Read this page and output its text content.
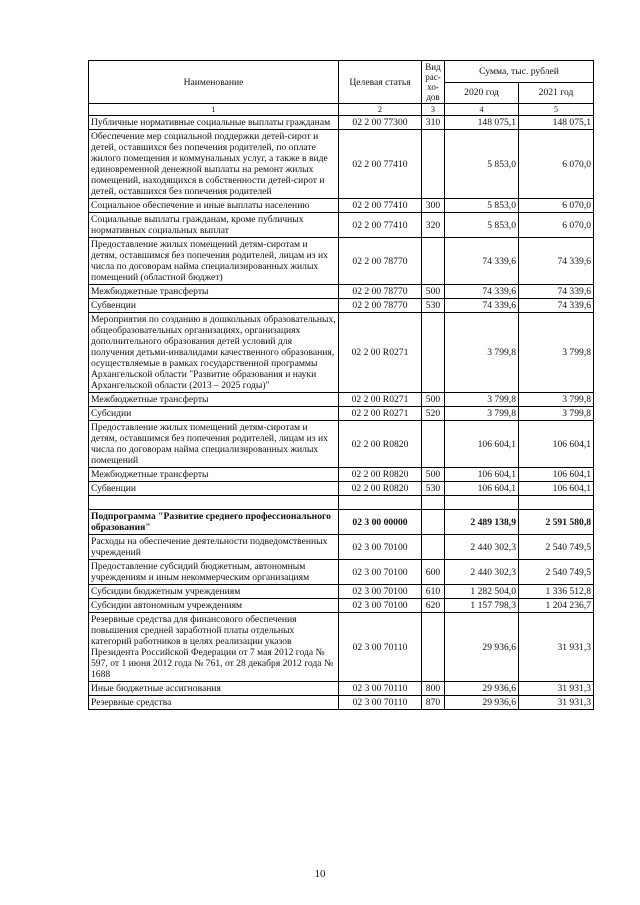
Наименование	Целевая статья	Вид рас-хо-дов	Сумма, тыс. рублей	
			2020 год	2021 год
1	2	3	4	5
Публичные нормативные социальные выплаты гражданам	02 2 00 77300	310	148 075,1	148 075,1
Обеспечение мер социальной поддержки детей-сирот и детей, оставшихся без попечения родителей, по оплате жилого помещения и коммунальных услуг, а также в виде единовременной денежной выплаты на ремонт жилых помещений, находящихся в собственности детей-сирот и детей, оставшихся без попечения родителей	02 2 00 77410		5 853,0	6 070,0
Социальное обеспечение и иные выплаты населению	02 2 00 77410	300	5 853,0	6 070,0
Социальные выплаты гражданам, кроме публичных нормативных социальных выплат	02 2 00 77410	320	5 853,0	6 070,0
Предоставление жилых помещений детям-сиротам и детям, оставшимся без попечения родителей, лицам из их числа по договорам найма специализированных жилых помещений (областной бюджет)	02 2 00 78770		74 339,6	74 339,6
Межбюджетные трансферты	02 2 00 78770	500	74 339,6	74 339,6
Субвенции	02 2 00 78770	530	74 339,6	74 339,6
Мероприятия по созданию в дошкольных образовательных, общеобразовательных организациях, организациях дополнительного образования детей условий для получения детьми-инвалидами качественного образования, осуществляемые в рамках государственной программы Архангельской области "Развитие образования и науки Архангельской области (2013 – 2025 годы)"	02 2 00 R0271		3 799,8	3 799,8
Межбюджетные трансферты	02 2 00 R0271	500	3 799,8	3 799,8
Субсидии	02 2 00 R0271	520	3 799,8	3 799,8
Предоставление жилых помещений детям-сиротам и детям, оставшимся без попечения родителей, лицам из их числа по договорам найма специализированных жилых помещений	02 2 00 R0820		106 604,1	106 604,1
Межбюджетные трансферты	02 2 00 R0820	500	106 604,1	106 604,1
Субвенции	02 2 00 R0820	530	106 604,1	106 604,1

Подпрограмма "Развитие среднего профессионального образования"	02 3 00 00000		2 489 138,9	2 591 580,8
Расходы на обеспечение деятельности подведомственных учреждений	02 3 00 70100		2 440 302,3	2 540 749,5
Предоставление субсидий бюджетным, автономным учреждениям и иным некоммерческим организациям	02 3 00 70100	600	2 440 302,3	2 540 749,5
Субсидии бюджетным учреждениям	02 3 00 70100	610	1 282 504,0	1 336 512,8
Субсидии автономным учреждениям	02 3 00 70100	620	1 157 798,3	1 204 236,7
Резервные средства для финансового обеспечения повышения средней заработной платы отдельных категорий работников в целях реализации указов Президента Российской Федерации от 7 мая 2012 года № 597, от 1 июня 2012 года № 761, от 28 декабря 2012 года № 1688	02 3 00 70110		29 936,6	31 931,3
Иные бюджетные ассигнования	02 3 00 70110	800	29 936,6	31 931,3
Резервные средства	02 3 00 70110	870	29 936,6	31 931,3
10
